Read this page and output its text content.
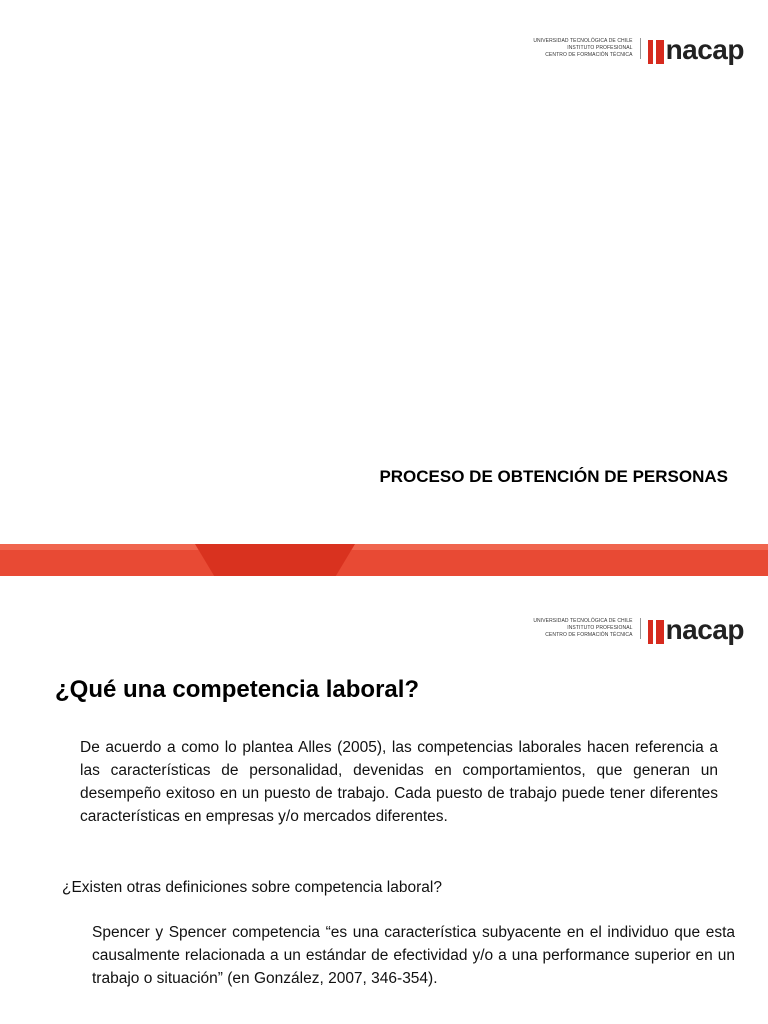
UNIVERSIDAD TECNOLÓGICA DE CHILE
INSTITUTO PROFESIONAL
CENTRO DE FORMACIÓN TÉCNICA nacap
PROCESO DE OBTENCIÓN DE PERSONAS
UNIVERSIDAD TECNOLÓGICA DE CHILE
INSTITUTO PROFESIONAL
CENTRO DE FORMACIÓN TÉCNICA nacap
¿Qué una competencia laboral?
De acuerdo a como lo plantea Alles (2005), las competencias laborales hacen referencia a las características de personalidad, devenidas en comportamientos, que generan un desempeño exitoso en un puesto de trabajo. Cada puesto de trabajo puede tener diferentes características en empresas y/o mercados diferentes.
¿Existen otras definiciones sobre competencia laboral?
Spencer y Spencer competencia “es una característica subyacente en el individuo que esta causalmente relacionada a un estándar de efectividad y/o a una performance superior en un trabajo o situación” (en González, 2007, 346-354).
